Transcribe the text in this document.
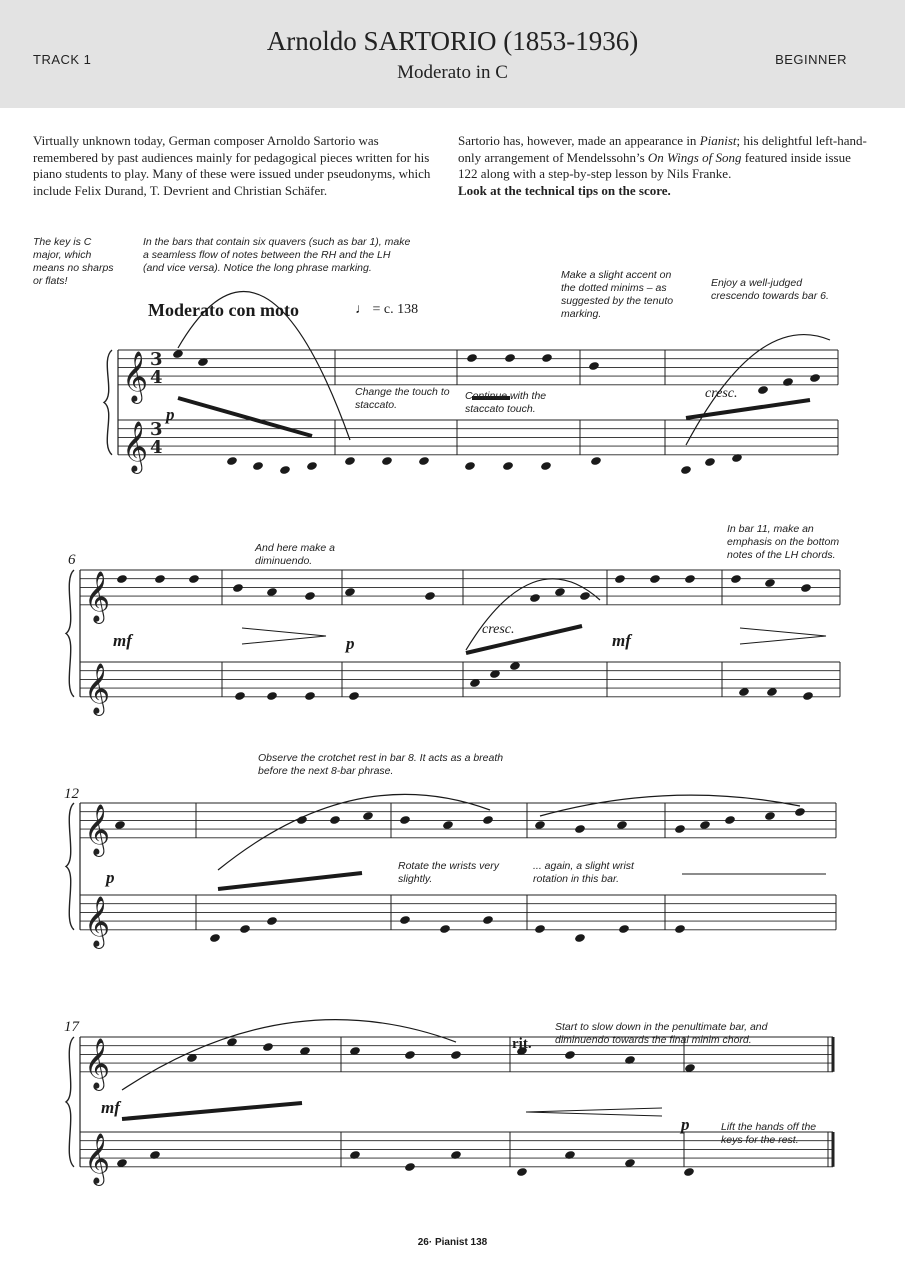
TRACK 1
Arnoldo SARTORIO (1853-1936)
Moderato in C
BEGINNER
Virtually unknown today, German composer Arnoldo Sartorio was remembered by past audiences mainly for pedagogical pieces written for his piano students to play. Many of these were issued under pseudonyms, which include Felix Durand, T. Devrient and Christian Schäfer.
Sartorio has, however, made an appearance in Pianist; his delightful left-hand-only arrangement of Mendelssohn’s On Wings of Song featured inside issue 122 along with a step-by-step lesson by Nils Franke.
Look at the technical tips on the score.
𝄞
𝄞
𝄞
𝄞
𝄞
𝄞
𝄞
𝄞
3
4
3
4
The key is C major, which means no sharps or flats!
In the bars that contain six quavers (such as bar 1), make a seamless flow of notes between the RH and the LH (and vice versa). Notice the long phrase marking.
Make a slight accent on the dotted minims – as suggested by the tenuto marking.
Enjoy a well-judged crescendo towards bar 6.
Change the touch to staccato.
Continue with the staccato touch.
And here make a diminuendo.
In bar 11, make an emphasis on the bottom notes of the LH chords.
Observe the crotchet rest in bar 8. It acts as a breath before the next 8-bar phrase.
Rotate the wrists very slightly.
... again, a slight wrist rotation in this bar.
Start to slow down in the penultimate bar, and diminuendo towards the final minim chord.
Lift the hands off the keys for the rest.
Moderato con moto	♩ = c. 138
6
12
17
p
mf	p	mf
p
mf
p
cresc.
cresc.
rit.
26· Pianist 138
